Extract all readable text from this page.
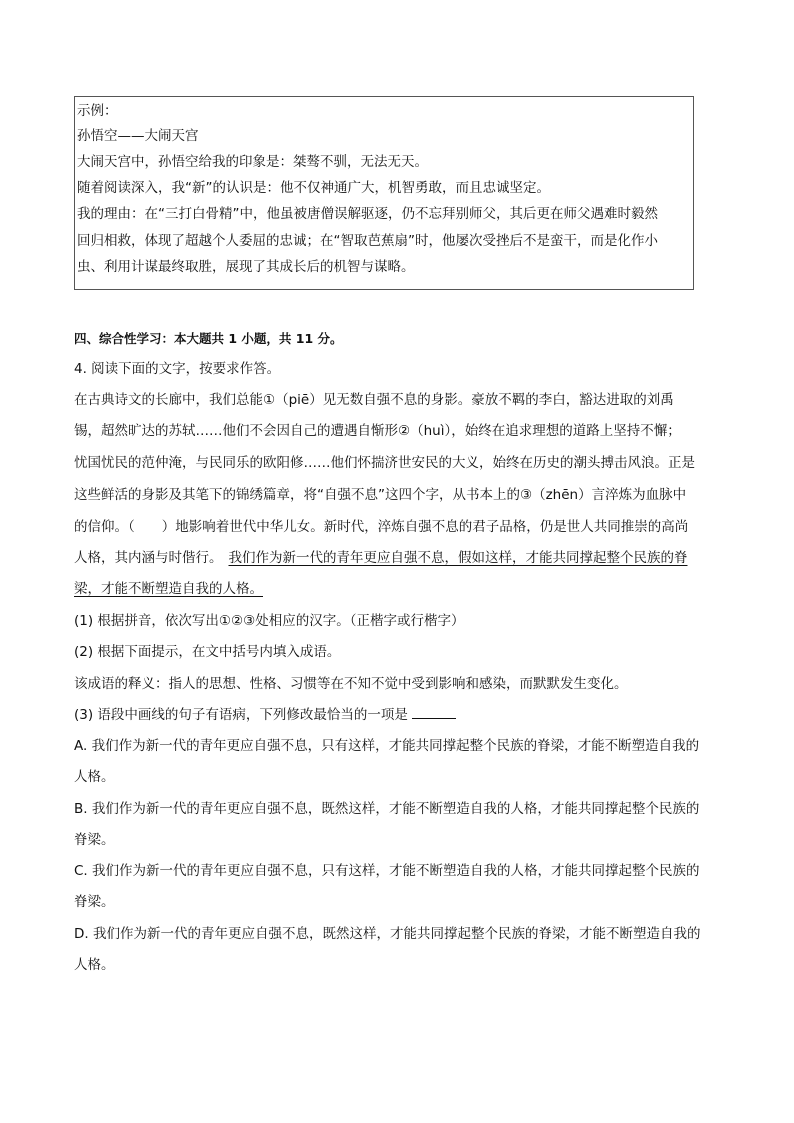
示例：
孙悟空——大闹天宫
大闹天宫中，孙悟空给我的印象是：桀骜不驯，无法无天。
随着阅读深入，我“新”的认识是：他不仅神通广大，机智勇敢，而且忠诚坚定。
我的理由：在“三打白骨精”中，他虽被唐僧误解驱逐，仍不忘拜别师父，其后更在师父遇难时毅然
回归相救，体现了超越个人委屈的忠诚；在“智取芭蕉扇”时，他屡次受挫后不是蛮干，而是化作小
虫、利用计谋最终取胜，展现了其成长后的机智与谋略。
四、综合性学习：本大题共 1 小题，共 11 分。
4. 阅读下面的文字，按要求作答。
在古典诗文的长廊中，我们总能①（piē）见无数自强不息的身影。豪放不羁的李白，豁达进取的刘禹
锡，超然旷达的苏轼……他们不会因自己的遭遇自惭形②（huì），始终在追求理想的道路上坚持不懈；
忧国忧民的范仲淹，与民同乐的欧阳修……他们怀揣济世安民的大义，始终在历史的潮头搏击风浪。正是
这些鲜活的身影及其笔下的锦绣篇章，将“自强不息”这四个字，从书本上的③（zhēn）言淬炼为血脉中
的信仰。（　　）地影响着世代中华儿女。新时代，淬炼自强不息的君子品格，仍是世人共同推崇的高尚
人格，其内涵与时偕行。 我们作为新一代的青年更应自强不息，假如这样，才能共同撑起整个民族的脊
梁，才能不断塑造自我的人格。
(1) 根据拼音，依次写出①②③处相应的汉字。（正楷字或行楷字）
(2) 根据下面提示，在文中括号内填入成语。
该成语的释义：指人的思想、性格、习惯等在不知不觉中受到影响和感染，而默默发生变化。
(3) 语段中画线的句子有语病，下列修改最恰当的一项是
A. 我们作为新一代的青年更应自强不息，只有这样，才能共同撑起整个民族的脊梁，才能不断塑造自我的
人格。
B. 我们作为新一代的青年更应自强不息，既然这样，才能不断塑造自我的人格，才能共同撑起整个民族的
脊梁。
C. 我们作为新一代的青年更应自强不息，只有这样，才能不断塑造自我的人格，才能共同撑起整个民族的
脊梁。
D. 我们作为新一代的青年更应自强不息，既然这样，才能共同撑起整个民族的脊梁，才能不断塑造自我的
人格。
